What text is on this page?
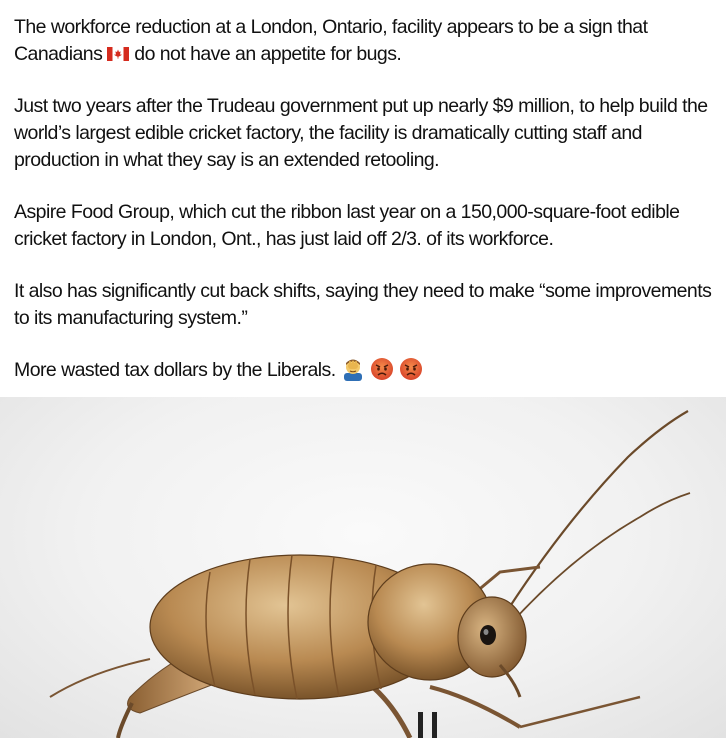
The workforce reduction at a London, Ontario, facility appears to be a sign that Canadians do not have an appetite for bugs.

Just two years after the Trudeau government put up nearly $9 million, to help build the world’s largest edible cricket factory, the facility is dramatically cutting staff and production in what they say is an extended retooling.

Aspire Food Group, which cut the ribbon last year on a 150,000-square-foot edible cricket factory in London, Ont., has just laid off 2/3. of its workforce.

It also has significantly cut back shifts, saying they need to make “some improvements to its manufacturing system.”

More wasted tax dollars by the Liberals.
